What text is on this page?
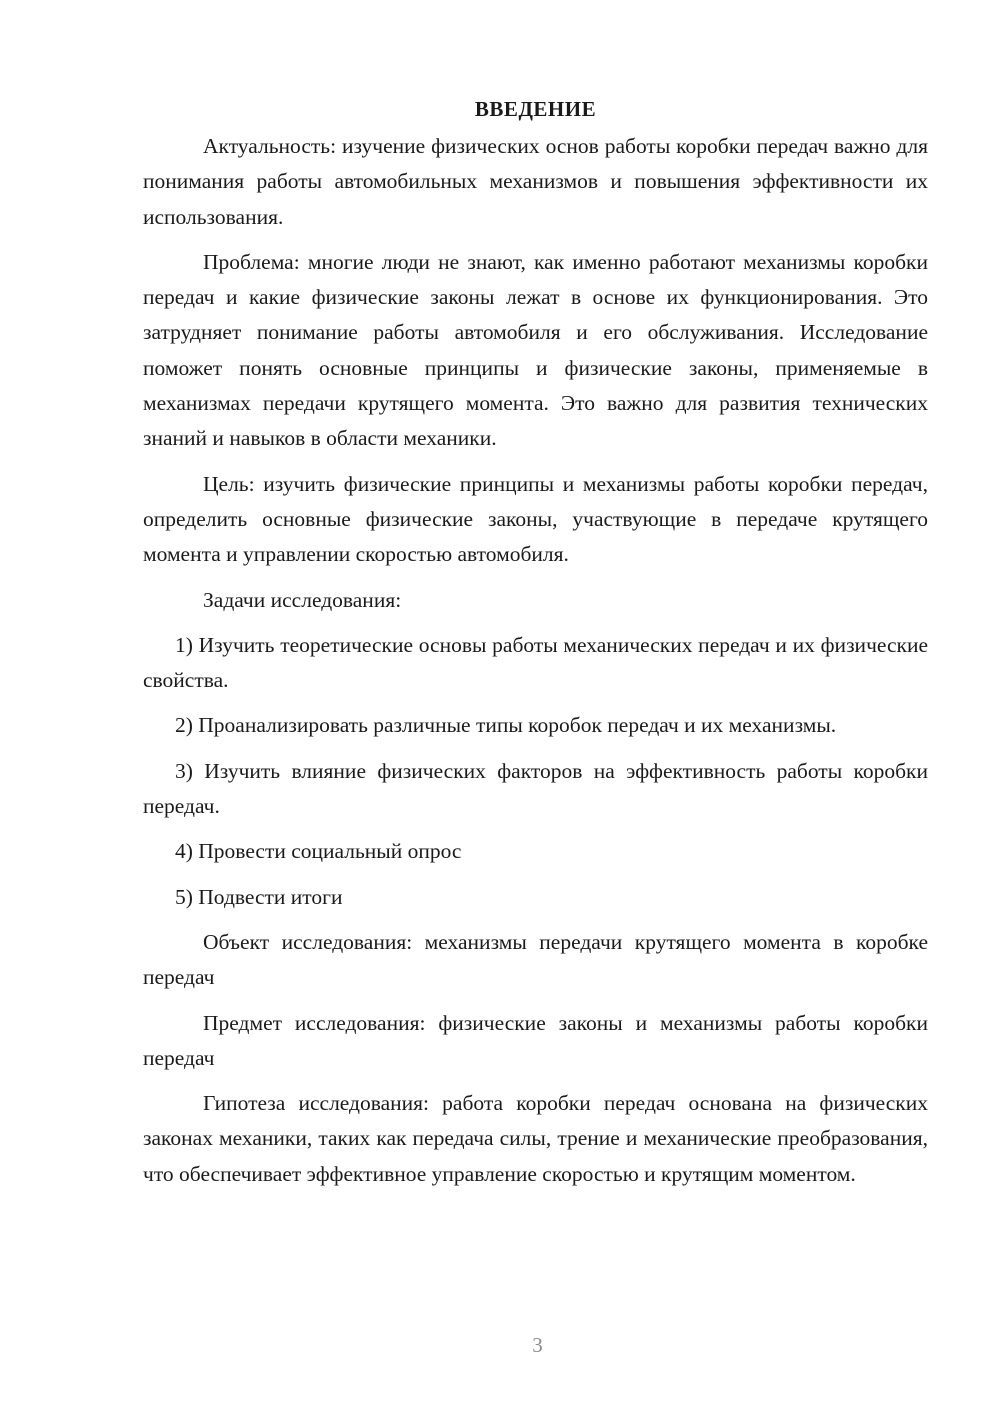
ВВЕДЕНИЕ

Актуальность: изучение физических основ работы коробки передач важно для понимания работы автомобильных механизмов и повышения эффективности их использования.

Проблема: многие люди не знают, как именно работают механизмы коробки передач и какие физические законы лежат в основе их функционирования. Это затрудняет понимание работы автомобиля и его обслуживания. Исследование поможет понять основные принципы и физические законы, применяемые в механизмах передачи крутящего момента. Это важно для развития технических знаний и навыков в области механики.

Цель: изучить физические принципы и механизмы работы коробки передач, определить основные физические законы, участвующие в передаче крутящего момента и управлении скоростью автомобиля.

Задачи исследования:

1) Изучить теоретические основы работы механических передач и их физические свойства.

2) Проанализировать различные типы коробок передач и их механизмы.

3) Изучить влияние физических факторов на эффективность работы коробки передач.

4) Провести социальный опрос

5) Подвести итоги

Объект исследования: механизмы передачи крутящего момента в коробке передач

Предмет исследования: физические законы и механизмы работы коробки передач

Гипотеза исследования: работа коробки передач основана на физических законах механики, таких как передача силы, трение и механические преобразования, что обеспечивает эффективное управление скоростью и крутящим моментом.

3
